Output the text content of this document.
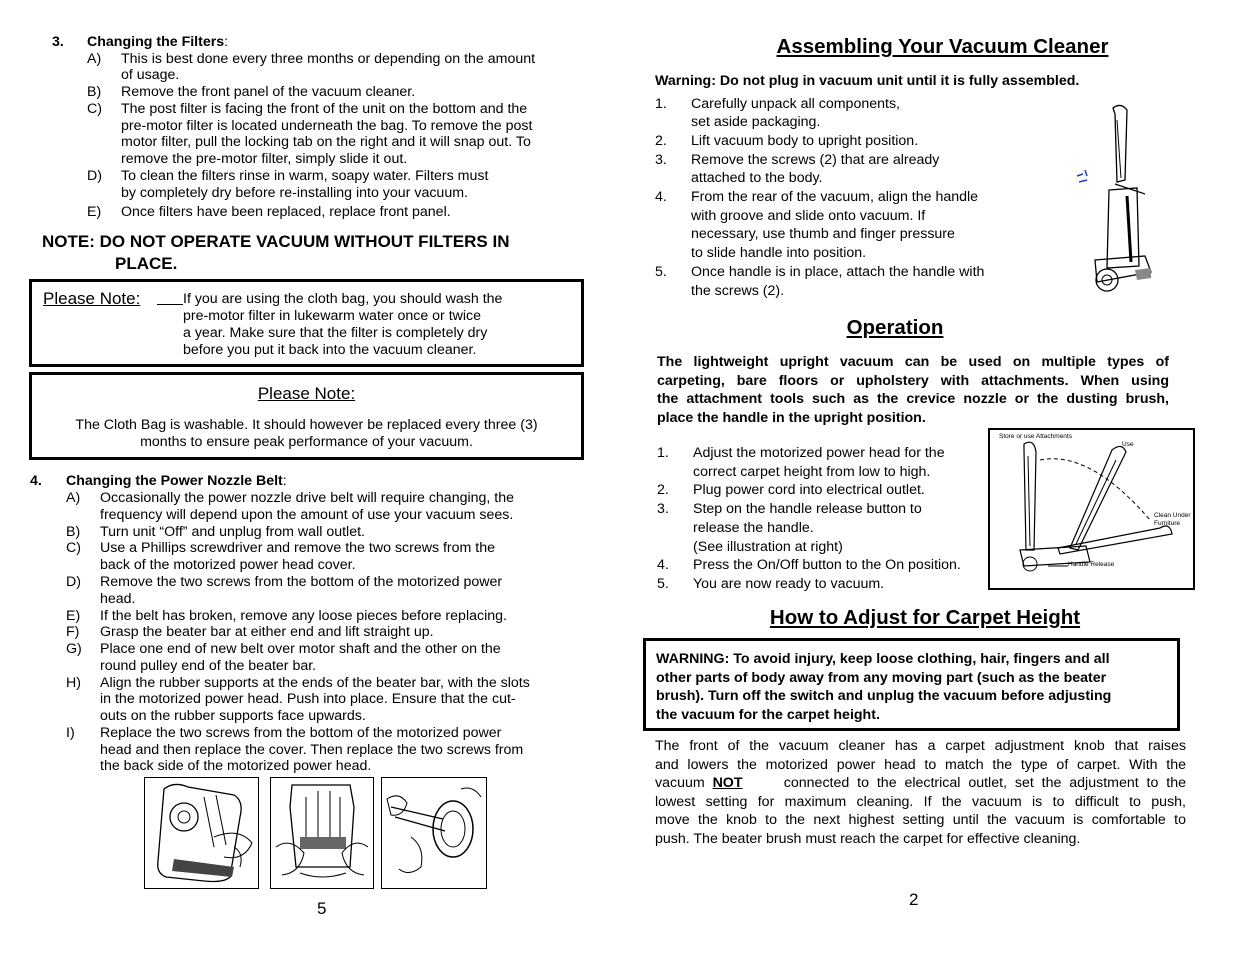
3. Changing the Filters:
A) This is best done every three months or depending on the amount
of usage.
B) Remove the front panel of the vacuum cleaner.
C) The post filter is facing the front of the unit on the bottom and the
pre-motor filter is located underneath the bag. To remove the post
motor filter, pull the locking tab on the right and it will snap out. To
remove the pre-motor filter, simply slide it out.
D) To clean the filters rinse in warm, soapy water. Filters must
by completely dry before re-installing into your vacuum.
E) Once filters have been replaced, replace front panel.
NOTE: DO NOT OPERATE VACUUM WITHOUT FILTERS IN
PLACE.
Please Note:	If you are using the cloth bag, you should wash the
pre-motor filter in lukewarm water once or twice
a year. Make sure that the filter is completely dry
before you put it back into the vacuum cleaner.
Please Note:
The Cloth Bag is washable. It should however be replaced every three (3)
months to ensure peak performance of your vacuum.
4. Changing the Power Nozzle Belt:
A) Occasionally the power nozzle drive belt will require changing, the
frequency will depend upon the amount of use your vacuum sees.
B) Turn unit “Off” and unplug from wall outlet.
C) Use a Phillips screwdriver and remove the two screws from the
back of the motorized power head cover.
D) Remove the two screws from the bottom of the motorized power
head.
E) If the belt has broken, remove any loose pieces before replacing.
F) Grasp the beater bar at either end and lift straight up.
G) Place one end of new belt over motor shaft and the other on the
round pulley end of the beater bar.
H) Align the rubber supports at the ends of the beater bar, with the slots
in the motorized power head. Push into place. Ensure that the cut-
outs on the rubber supports face upwards.
I) Replace the two screws from the bottom of the motorized power
head and then replace the cover. Then replace the two screws from
the back side of the motorized power head.
5
Assembling Your Vacuum Cleaner
Warning: Do not plug in vacuum unit until it is fully assembled.
1. Carefully unpack all components,
set aside packaging.
2. Lift vacuum body to upright position.
3. Remove the screws (2) that are already
attached to the body.
4. From the rear of the vacuum, align the handle
with groove and slide onto vacuum. If
necessary, use thumb and finger pressure
to slide handle into position.
5. Once handle is in place, attach the handle with
the screws (2).
Operation
The lightweight upright vacuum can be used on multiple types of
carpeting, bare floors or upholstery with attachments. When using
the attachment tools such as the crevice nozzle or the dusting brush,
place the handle in the upright position.
1. Adjust the motorized power head for the
correct carpet height from low to high.
2. Plug power cord into electrical outlet.
3. Step on the handle release button to
release the handle.
(See illustration at right)
4. Press the On/Off button to the On position.
5. You are now ready to vacuum.
Store or use Attachments
Use
Clean Under
Furniture
Handle Release
How to Adjust for Carpet Height
WARNING: To avoid injury, keep loose clothing, hair, fingers and all
other parts of body away from any moving part (such as the beater
brush). Turn off the switch and unplug the vacuum before adjusting
the vacuum for the carpet height.
The front of the vacuum cleaner has a carpet adjustment knob that raises
and lowers the motorized power head to match the type of carpet. With the
vacuum  NOT connected  to  the  electrical  outlet,  set  the  adjustment  to  the
lowest setting for maximum cleaning. If the vacuum is to difficult to push,
move the knob to the next highest setting until the vacuum is comfortable to
push. The beater brush must reach the carpet for effective cleaning.
2
